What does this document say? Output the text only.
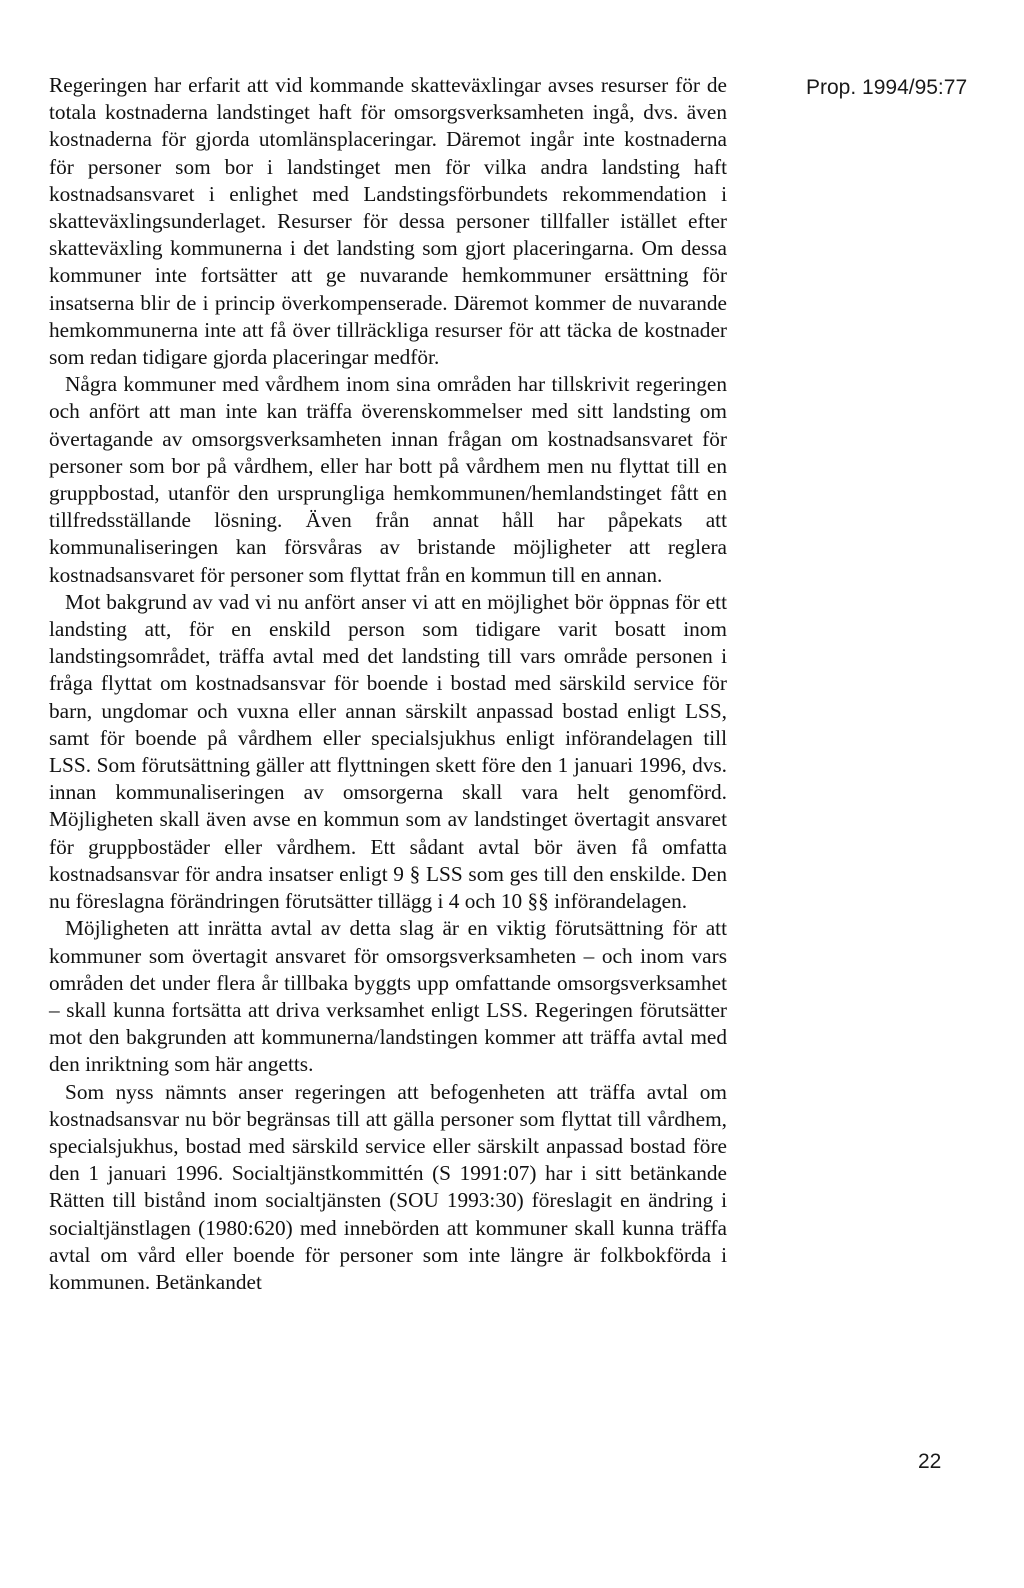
Prop. 1994/95:77

Regeringen har erfarit att vid kommande skatteväxlingar avses resurser för de totala kostnaderna landstinget haft för omsorgsverksamheten ingå, dvs. även kostnaderna för gjorda utomlänsplaceringar. Däremot ingår inte kostnaderna för personer som bor i landstinget men för vilka andra landsting haft kostnadsansvaret i enlighet med Landstingsförbundets rekommendation i skatteväxlingsunderlaget. Resurser för dessa personer tillfaller istället efter skatteväxling kommunerna i det landsting som gjort placeringarna. Om dessa kommuner inte fortsätter att ge nuvarande hemkommuner ersättning för insatserna blir de i princip överkompenserade. Däremot kommer de nuvarande hemkommunerna inte att få över tillräckliga resurser för att täcka de kostnader som redan tidigare gjorda placeringar medför.

Några kommuner med vårdhem inom sina områden har tillskrivit regeringen och anfört att man inte kan träffa överenskommelser med sitt landsting om övertagande av omsorgsverksamheten innan frågan om kostnadsansvaret för personer som bor på vårdhem, eller har bott på vårdhem men nu flyttat till en gruppbostad, utanför den ursprungliga hemkommunen/hemlandstinget fått en tillfredsställande lösning. Även från annat håll har påpekats att kommunaliseringen kan försvåras av bristande möjligheter att reglera kostnadsansvaret för personer som flyttat från en kommun till en annan.

Mot bakgrund av vad vi nu anfört anser vi att en möjlighet bör öppnas för ett landsting att, för en enskild person som tidigare varit bosatt inom landstingsområdet, träffa avtal med det landsting till vars område personen i fråga flyttat om kostnadsansvar för boende i bostad med särskild service för barn, ungdomar och vuxna eller annan särskilt anpassad bostad enligt LSS, samt för boende på vårdhem eller specialsjukhus enligt införandelagen till LSS. Som förutsättning gäller att flyttningen skett före den 1 januari 1996, dvs. innan kommunaliseringen av omsorgerna skall vara helt genomförd. Möjligheten skall även avse en kommun som av landstinget övertagit ansvaret för gruppbostäder eller vårdhem. Ett sådant avtal bör även få omfatta kostnadsansvar för andra insatser enligt 9 § LSS som ges till den enskilde. Den nu föreslagna förändringen förutsätter tillägg i 4 och 10 §§ införandelagen.

Möjligheten att inrätta avtal av detta slag är en viktig förutsättning för att kommuner som övertagit ansvaret för omsorgsverksamheten – och inom vars områden det under flera år tillbaka byggts upp omfattande omsorgsverksamhet – skall kunna fortsätta att driva verksamhet enligt LSS. Regeringen förutsätter mot den bakgrunden att kommunerna/landstingen kommer att träffa avtal med den inriktning som här angetts.

Som nyss nämnts anser regeringen att befogenheten att träffa avtal om kostnadsansvar nu bör begränsas till att gälla personer som flyttat till vårdhem, specialsjukhus, bostad med särskild service eller särskilt anpassad bostad före den 1 januari 1996. Socialtjänstkommittén (S 1991:07) har i sitt betänkande Rätten till bistånd inom socialtjänsten (SOU 1993:30) föreslagit en ändring i socialtjänstlagen (1980:620) med innebörden att kommuner skall kunna träffa avtal om vård eller boende för personer som inte längre är folkbokförda i kommunen. Betänkandet

22
